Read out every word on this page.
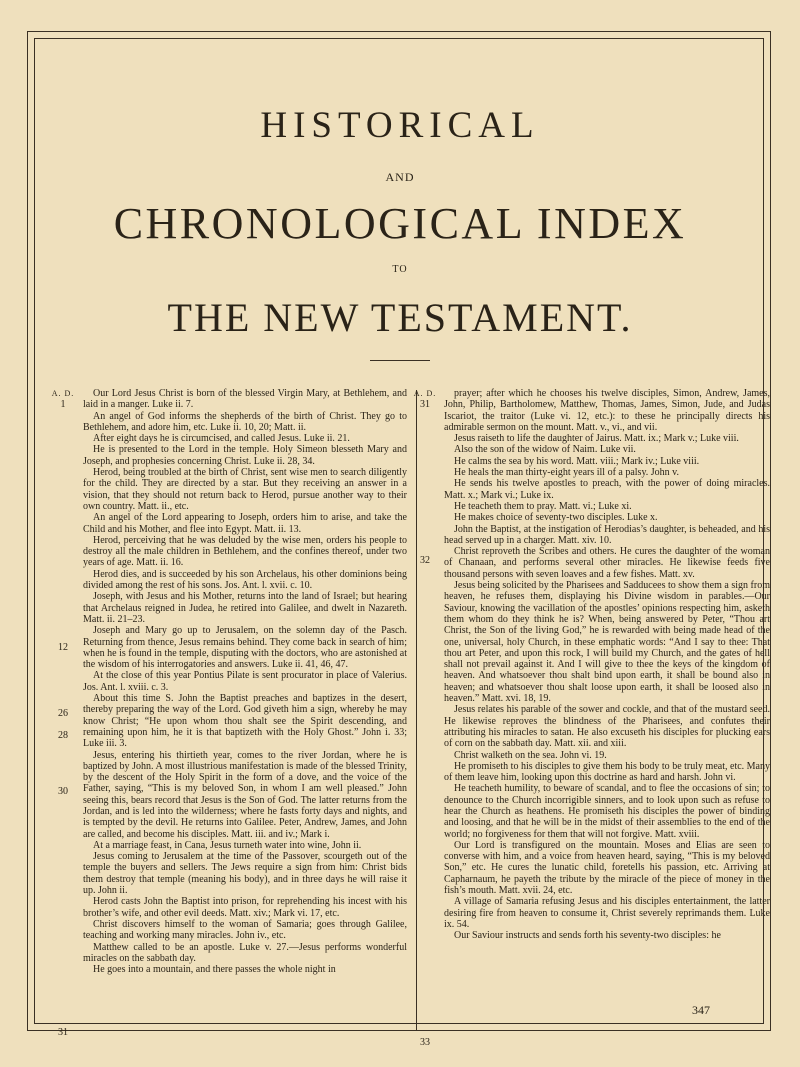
HISTORICAL
AND
CHRONOLOGICAL INDEX
TO
THE NEW TESTAMENT.
A. D.
1
12
26
28
30
31

Our Lord Jesus Christ is born of the blessed Virgin Mary, at Bethlehem, and laid in a manger. Luke ii. 7.

An angel of God informs the shepherds of the birth of Christ. They go to Bethlehem, and adore him, etc. Luke ii. 10, 20; Matt. ii.

After eight days he is circumcised, and called Jesus. Luke ii. 21.

He is presented to the Lord in the temple. Holy Simeon blesseth Mary and Joseph, and prophesies concerning Christ. Luke ii. 28, 34.

Herod, being troubled at the birth of Christ, sent wise men to search diligently for the child. They are directed by a star. But they receiving an answer in a vision, that they should not return back to Herod, pursue another way to their own country. Matt. ii., etc.

An angel of the Lord appearing to Joseph, orders him to arise, and take the Child and his Mother, and flee into Egypt. Matt. ii. 13.

Herod, perceiving that he was deluded by the wise men, orders his people to destroy all the male children in Bethlehem, and the confines thereof, under two years of age. Matt. ii. 16.

Herod dies, and is succeeded by his son Archelaus, his other dominions being divided among the rest of his sons. Jos. Ant. l. xvii. c. 10.

Joseph, with Jesus and his Mother, returns into the land of Israel; but hearing that Archelaus reigned in Judea, he retired into Galilee, and dwelt in Nazareth. Matt. ii. 21–23.

Joseph and Mary go up to Jerusalem, on the solemn day of the Pasch. Returning from thence, Jesus remains behind. They come back in search of him; when he is found in the temple, disputing with the doctors, who are astonished at the wisdom of his interrogatories and answers. Luke ii. 41, 46, 47.

At the close of this year Pontius Pilate is sent procurator in place of Valerius. Jos. Ant. l. xviii. c. 3.

About this time S. John the Baptist preaches and baptizes in the desert, thereby preparing the way of the Lord. God giveth him a sign, whereby he may know Christ; “He upon whom thou shalt see the Spirit descending, and remaining upon him, he it is that baptizeth with the Holy Ghost.” John i. 33; Luke iii. 3.

Jesus, entering his thirtieth year, comes to the river Jordan, where he is baptized by John. A most illustrious manifestation is made of the blessed Trinity, by the descent of the Holy Spirit in the form of a dove, and the voice of the Father, saying, “This is my beloved Son, in whom I am well pleased.” John seeing this, bears record that Jesus is the Son of God. The latter returns from the Jordan, and is led into the wilderness; where he fasts forty days and nights, and is tempted by the devil. He returns into Galilee. Peter, Andrew, James, and John are called, and become his disciples. Matt. iii. and iv.; Mark i.

At a marriage feast, in Cana, Jesus turneth water into wine, John ii.

Jesus coming to Jerusalem at the time of the Passover, scourgeth out of the temple the buyers and sellers. The Jews require a sign from him: Christ bids them destroy that temple (meaning his body), and in three days he will raise it up. John ii.

Herod casts John the Baptist into prison, for reprehending his incest with his brother’s wife, and other evil deeds. Matt. xiv.; Mark vi. 17, etc.

Christ discovers himself to the woman of Samaria; goes through Galilee, teaching and working many miracles. John iv., etc.

Matthew called to be an apostle. Luke v. 27.—Jesus performs wonderful miracles on the sabbath day.

He goes into a mountain, and there passes the whole night in

A. D.
31
32
33

prayer; after which he chooses his twelve disciples, Simon, Andrew, James, John, Philip, Bartholomew, Matthew, Thomas, James, Simon, Jude, and Judas Iscariot, the traitor (Luke vi. 12, etc.): to these he principally directs his admirable sermon on the mount. Matt. v., vi., and vii.

Jesus raiseth to life the daughter of Jairus. Matt. ix.; Mark v.; Luke viii.

Also the son of the widow of Naim. Luke vii.

He calms the sea by his word. Matt. viii.; Mark iv.; Luke viii.

He heals the man thirty-eight years ill of a palsy. John v.

He sends his twelve apostles to preach, with the power of doing miracles. Matt. x.; Mark vi.; Luke ix.

He teacheth them to pray. Matt. vi.; Luke xi.

He makes choice of seventy-two disciples. Luke x.

John the Baptist, at the instigation of Herodias’s daughter, is beheaded, and his head served up in a charger. Matt. xiv. 10.

Christ reproveth the Scribes and others. He cures the daughter of the woman of Chanaan, and performs several other miracles. He likewise feeds five thousand persons with seven loaves and a few fishes. Matt. xv.

Jesus being solicited by the Pharisees and Sadducees to show them a sign from heaven, he refuses them, displaying his Divine wisdom in parables.—Our Saviour, knowing the vacillation of the apostles’ opinions respecting him, asketh them whom do they think he is? When, being answered by Peter, “Thou art Christ, the Son of the living God,” he is rewarded with being made head of the one, universal, holy Church, in these emphatic words: “And I say to thee: That thou art Peter, and upon this rock, I will build my Church, and the gates of hell shall not prevail against it. And I will give to thee the keys of the kingdom of heaven. And whatsoever thou shalt bind upon earth, it shall be bound also in heaven; and whatsoever thou shalt loose upon earth, it shall be loosed also in heaven.” Matt. xvi. 18, 19.

Jesus relates his parable of the sower and cockle, and that of the mustard seed. He likewise reproves the blindness of the Pharisees, and confutes their attributing his miracles to satan. He also excuseth his disciples for plucking ears of corn on the sabbath day. Matt. xii. and xiii.

Christ walketh on the sea. John vi. 19.

He promiseth to his disciples to give them his body to be truly meat, etc. Many of them leave him, looking upon this doctrine as hard and harsh. John vi.

He teacheth humility, to beware of scandal, and to flee the occasions of sin; to denounce to the Church incorrigible sinners, and to look upon such as refuse to hear the Church as heathens. He promiseth his disciples the power of binding and loosing, and that he will be in the midst of their assemblies to the end of the world; no forgiveness for them that will not forgive. Matt. xviii.

Our Lord is transfigured on the mountain. Moses and Elias are seen to converse with him, and a voice from heaven heard, saying, “This is my beloved Son,” etc. He cures the lunatic child, foretells his passion, etc. Arriving at Capharnaum, he payeth the tribute by the miracle of the piece of money in the fish’s mouth. Matt. xvii. 24, etc.

A village of Samaria refusing Jesus and his disciples entertainment, the latter desiring fire from heaven to consume it, Christ severely reprimands them. Luke ix. 54.

Our Saviour instructs and sends forth his seventy-two disciples: he

347
